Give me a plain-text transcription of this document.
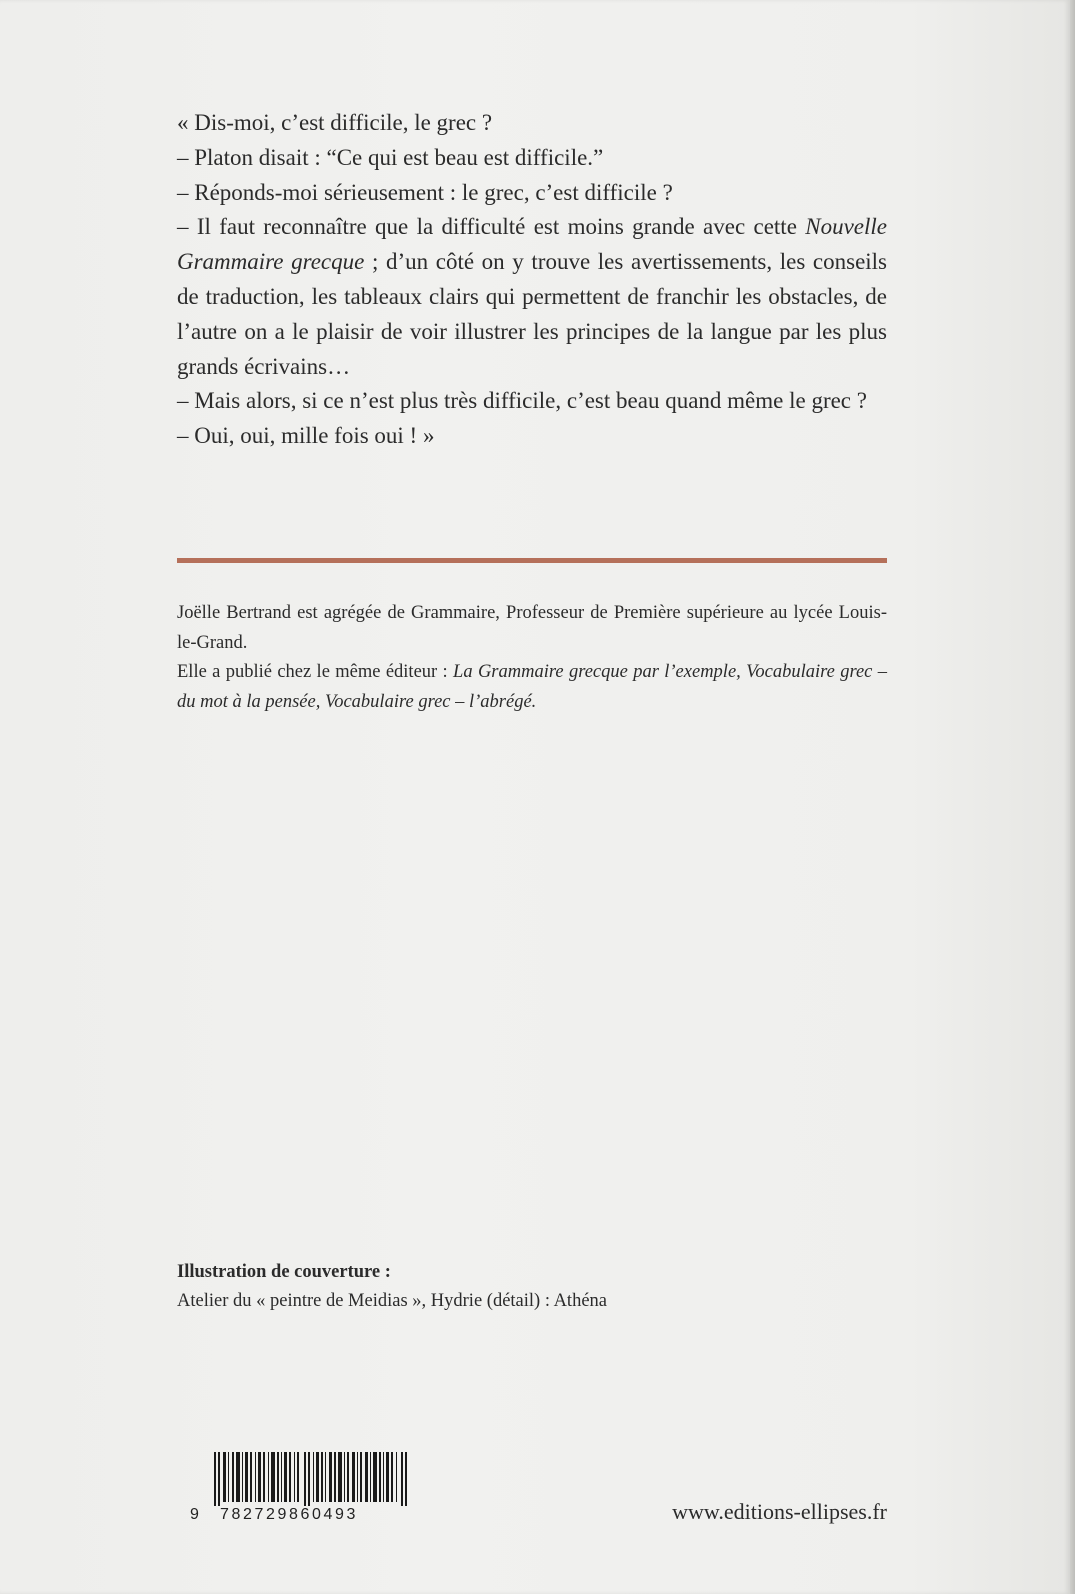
« Dis-moi, c’est difficile, le grec ?

– Platon disait : “Ce qui est beau est difficile.”

– Réponds-moi sérieusement : le grec, c’est difficile ?

– Il faut reconnaître que la difficulté est moins grande avec cette Nouvelle Grammaire grecque ; d’un côté on y trouve les avertissements, les conseils de traduction, les tableaux clairs qui permettent de franchir les obstacles, de l’autre on a le plaisir de voir illustrer les principes de la langue par les plus grands écrivains…

– Mais alors, si ce n’est plus très difficile, c’est beau quand même le grec ?

– Oui, oui, mille fois oui ! »

Joëlle Bertrand est agrégée de Grammaire, Professeur de Première supérieure au lycée Louis-le-Grand.

Elle a publié chez le même éditeur : La Grammaire grecque par l’exemple, Vocabulaire grec – du mot à la pensée, Vocabulaire grec – l’abrégé.

Illustration de couverture :
Atelier du « peintre de Meidias », Hydrie (détail) : Athéna
9 782729860493	www.editions-ellipses.fr
